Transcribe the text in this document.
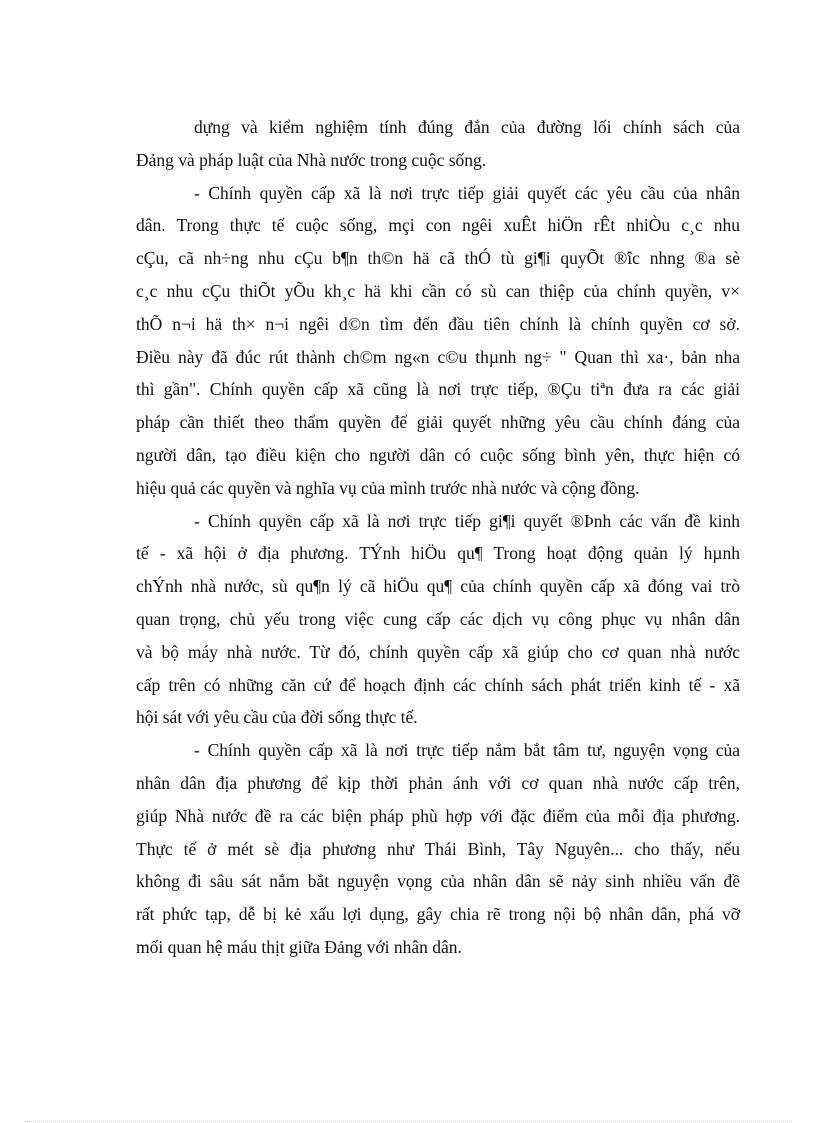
dựng và kiểm nghiệm tính đúng đắn của đường lối chính sách của
Đảng và pháp luật của Nhà nước trong cuộc sống.
- Chính quyền cấp xã là nơi trực tiếp giải quyết các yêu cầu của nhân
dân. Trong thực tế cuộc sống, mçi con ngêi xuÊt hiÖn rÊt nhiÒu c¸c nhu
cÇu, cã nh÷ng nhu cÇu b¶n th©n hä cã thÓ tù gi¶i quyÕt ®îc nhng ®a sè
c¸c nhu cÇu thiÕt yÕu kh¸c hä khi cần có sù can thiệp của chính quyền, v×
thÕ n¬i hä th× n¬i ngêi d©n tìm đến đầu tiên chính là chính quyền cơ sở.
Điều này đã đúc rút thành ch©m ng«n c©u thµnh ng÷ " Quan thì xa·, bản nha
thì gần". Chính quyền cấp xã cũng là nơi trực tiếp, ®Çu tiªn đưa ra các giải
pháp cần thiết theo thẩm quyền để giải quyết những yêu cầu chính đáng của
người dân, tạo điều kiện cho người dân có cuộc sống bình yên, thực hiện có
hiệu quả các quyền và nghĩa vụ của mình trước nhà nước và cộng đồng.
- Chính quyền cấp xã là nơi trực tiếp gi¶i quyết ®Þnh các vấn đề kinh
tế - xã hội ở địa phương. TÝnh hiÖu qu¶ Trong hoạt động quản lý hµnh
chÝnh nhà nước, sù qu¶n lý cã hiÖu qu¶ của chính quyền cấp xã đóng vai trò
quan trọng, chủ yếu trong việc cung cấp các dịch vụ công phục vụ nhân dân
và bộ máy nhà nước. Từ đó, chính quyền cấp xã giúp cho cơ quan nhà nước
cấp trên có những căn cứ để hoạch định các chính sách phát triển kinh tế - xã
hội sát với yêu cầu của đời sống thực tế.
- Chính quyền cấp xã là nơi trực tiếp nắm bắt tâm tư, nguyện vọng của
nhân dân địa phương để kịp thời phản ánh với cơ quan nhà nước cấp trên,
giúp Nhà nước đề ra các biện pháp phù hợp với đặc điểm của mỗi địa phương.
Thực tế ở mét sè địa phương như Thái Bình, Tây Nguyên... cho thấy, nếu
không đi sâu sát nắm bắt nguyện vọng của nhân dân sẽ nảy sinh nhiều vấn đề
rất phức tạp, dễ bị kẻ xấu lợi dụng, gây chia rẽ trong nội bộ nhân dân, phá vỡ
mối quan hệ máu thịt giữa Đảng với nhân dân.
